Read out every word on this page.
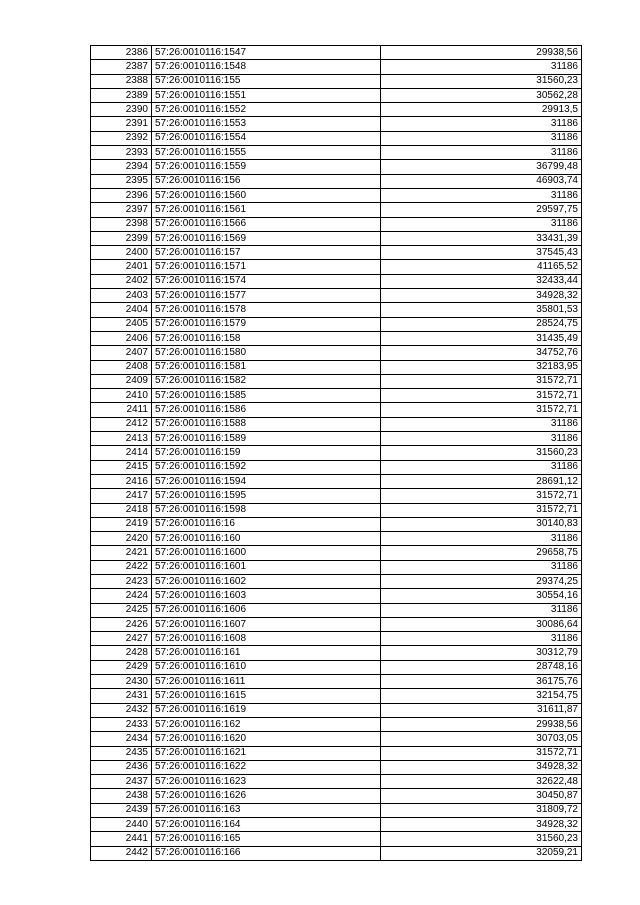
2386	57:26:0010116:1547	29938,56
2387	57:26:0010116:1548	31186
2388	57:26:0010116:155	31560,23
2389	57:26:0010116:1551	30562,28
2390	57:26:0010116:1552	29913,5
2391	57:26:0010116:1553	31186
2392	57:26:0010116:1554	31186
2393	57:26:0010116:1555	31186
2394	57:26:0010116:1559	36799,48
2395	57:26:0010116:156	46903,74
2396	57:26:0010116:1560	31186
2397	57:26:0010116:1561	29597,75
2398	57:26:0010116:1566	31186
2399	57:26:0010116:1569	33431,39
2400	57:26:0010116:157	37545,43
2401	57:26:0010116:1571	41165,52
2402	57:26:0010116:1574	32433,44
2403	57:26:0010116:1577	34928,32
2404	57:26:0010116:1578	35801,53
2405	57:26:0010116:1579	28524,75
2406	57:26:0010116:158	31435,49
2407	57:26:0010116:1580	34752,76
2408	57:26:0010116:1581	32183,95
2409	57:26:0010116:1582	31572,71
2410	57:26:0010116:1585	31572,71
2411	57:26:0010116:1586	31572,71
2412	57:26:0010116:1588	31186
2413	57:26:0010116:1589	31186
2414	57:26:0010116:159	31560,23
2415	57:26:0010116:1592	31186
2416	57:26:0010116:1594	28691,12
2417	57:26:0010116:1595	31572,71
2418	57:26:0010116:1598	31572,71
2419	57:26:0010116:16	30140,83
2420	57:26:0010116:160	31186
2421	57:26:0010116:1600	29658,75
2422	57:26:0010116:1601	31186
2423	57:26:0010116:1602	29374,25
2424	57:26:0010116:1603	30554,16
2425	57:26:0010116:1606	31186
2426	57:26:0010116:1607	30086,64
2427	57:26:0010116:1608	31186
2428	57:26:0010116:161	30312,79
2429	57:26:0010116:1610	28748,16
2430	57:26:0010116:1611	36175,76
2431	57:26:0010116:1615	32154,75
2432	57:26:0010116:1619	31611,87
2433	57:26:0010116:162	29938,56
2434	57:26:0010116:1620	30703,05
2435	57:26:0010116:1621	31572,71
2436	57:26:0010116:1622	34928,32
2437	57:26:0010116:1623	32622,48
2438	57:26:0010116:1626	30450,87
2439	57:26:0010116:163	31809,72
2440	57:26:0010116:164	34928,32
2441	57:26:0010116:165	31560,23
2442	57:26:0010116:166	32059,21
